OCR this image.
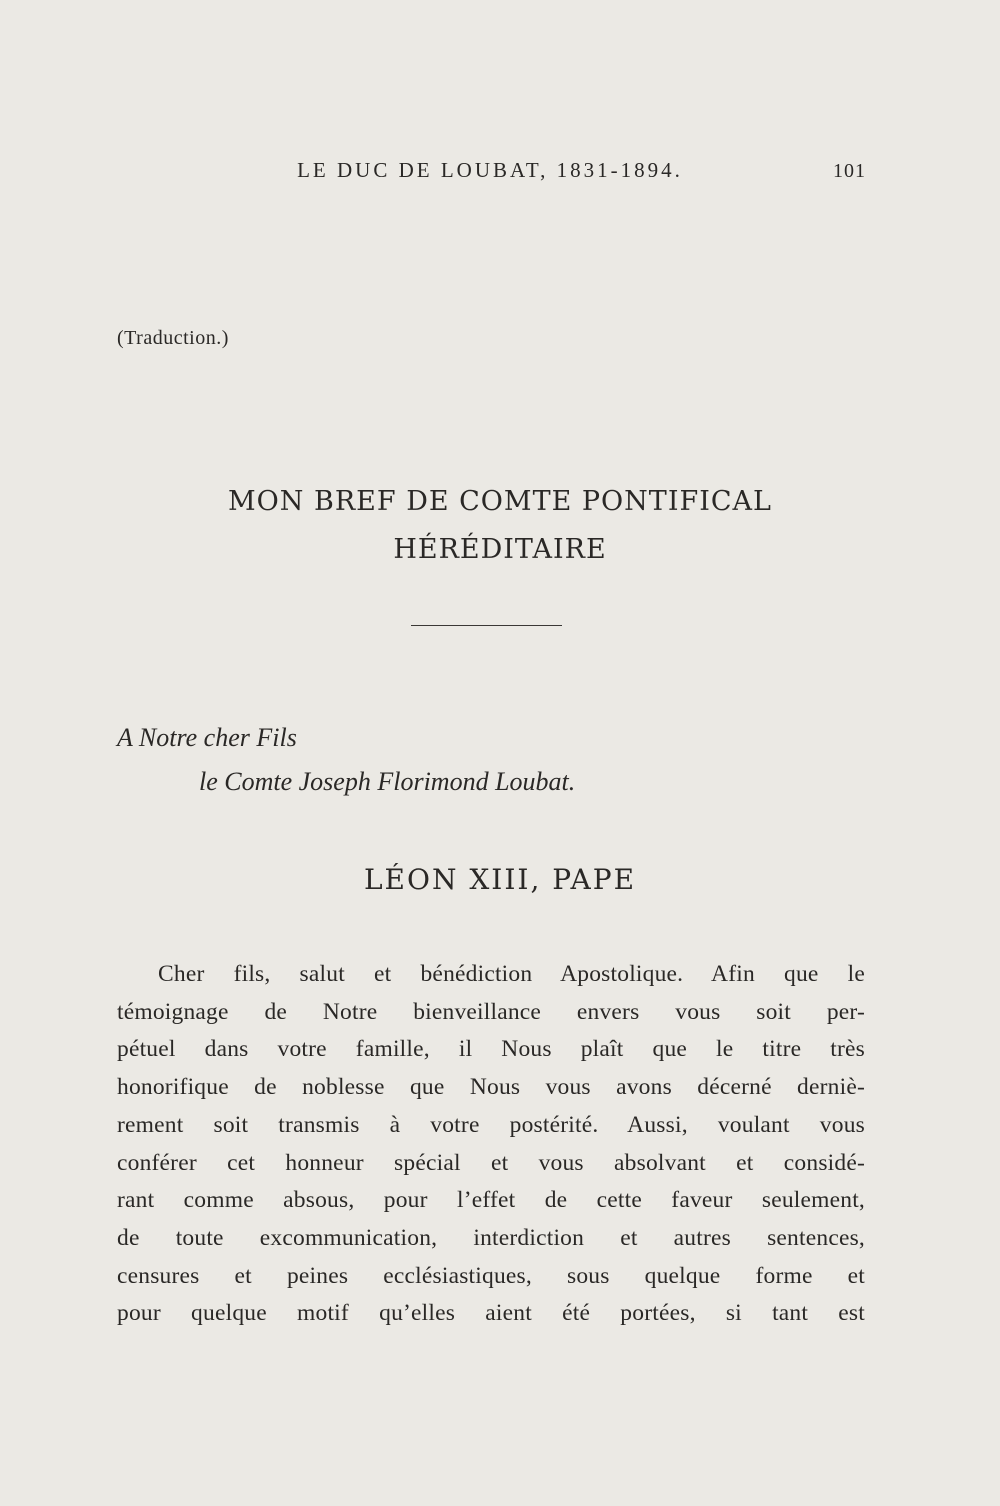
LE DUC DE LOUBAT, 1831-1894.	101
(Traduction.)
MON BREF DE COMTE PONTIFICAL
HÉRÉDITAIRE
A Notre cher Fils
le Comte Joseph Florimond Loubat.
LÉON XIII, PAPE
Cher fils, salut et bénédiction Apostolique. Afin que le
témoignage de Notre bienveillance envers vous soit per-
pétuel dans votre famille, il Nous plaît que le titre très
honorifique de noblesse que Nous vous avons décerné derniè-
rement soit transmis à votre postérité. Aussi, voulant vous
conférer cet honneur spécial et vous absolvant et considé-
rant comme absous, pour l’effet de cette faveur seulement,
de toute excommunication, interdiction et autres sentences,
censures et peines ecclésiastiques, sous quelque forme et
pour quelque motif qu’elles aient été portées, si tant est
